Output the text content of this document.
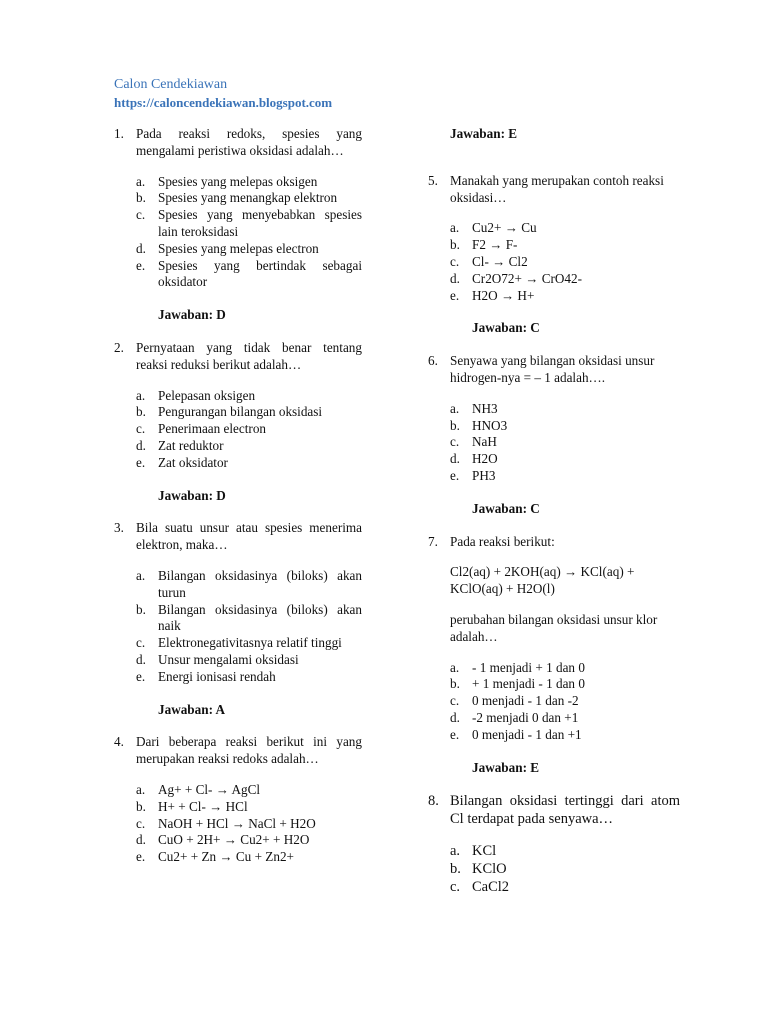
Calon Cendekiawan
https://caloncendekiawan.blogspot.com
1. Pada reaksi redoks, spesies yang mengalami peristiwa oksidasi adalah…
a. Spesies yang melepas oksigen
b. Spesies yang menangkap elektron
c. Spesies yang menyebabkan spesies lain teroksidasi
d. Spesies yang melepas electron
e. Spesies yang bertindak sebagai oksidator
Jawaban: D
2. Pernyataan yang tidak benar tentang reaksi reduksi berikut adalah…
a. Pelepasan oksigen
b. Pengurangan bilangan oksidasi
c. Penerimaan electron
d. Zat reduktor
e. Zat oksidator
Jawaban: D
3. Bila suatu unsur atau spesies menerima elektron, maka…
a. Bilangan oksidasinya (biloks) akan turun
b. Bilangan oksidasinya (biloks) akan naik
c. Elektronegativitasnya relatif tinggi
d. Unsur mengalami oksidasi
e. Energi ionisasi rendah
Jawaban: A
4. Dari beberapa reaksi berikut ini yang merupakan reaksi redoks adalah…
a. Ag+ + Cl- → AgCl
b. H+ + Cl- → HCl
c. NaOH + HCl → NaCl + H2O
d. CuO + 2H+ → Cu2+ + H2O
e. Cu2+ + Zn → Cu + Zn2+
Jawaban: E
5. Manakah yang merupakan contoh reaksi oksidasi…
a. Cu2+ → Cu
b. F2 → F-
c. Cl- → Cl2
d. Cr2O72+ → CrO42-
e. H2O → H+
Jawaban: C
6. Senyawa yang bilangan oksidasi unsur hidrogen-nya = – 1 adalah….
a. NH3
b. HNO3
c. NaH
d. H2O
e. PH3
Jawaban: C
7. Pada reaksi berikut:
Cl2(aq) + 2KOH(aq) → KCl(aq) + KClO(aq) + H2O(l)
perubahan bilangan oksidasi unsur klor adalah…
a. - 1 menjadi + 1 dan 0
b. + 1 menjadi - 1 dan 0
c. 0 menjadi - 1 dan -2
d. -2 menjadi 0 dan +1
e. 0 menjadi - 1 dan +1
Jawaban: E
8. Bilangan oksidasi tertinggi dari atom Cl terdapat pada senyawa…
a. KCl
b. KClO
c. CaCl2
